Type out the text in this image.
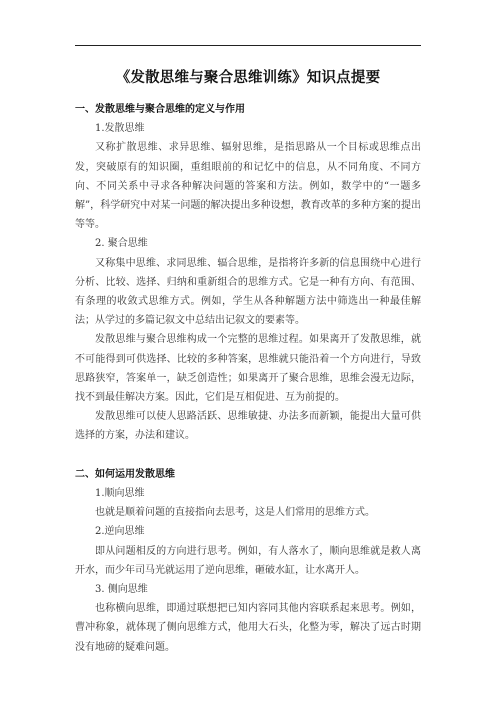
《发散思维与聚合思维训练》知识点提要

一、发散思维与聚合思维的定义与作用

1.发散思维

又称扩散思维、求异思维、辐射思维，是指思路从一个目标或思维点出发，突破原有的知识圈，重组眼前的和记忆中的信息，从不同角度、不同方向、不同关系中寻求各种解决问题的答案和方法。例如，数学中的“一题多解”，科学研究中对某一问题的解决提出多种设想，教育改革的多种方案的提出等等。

2. 聚合思维

又称集中思维、求同思维、辐合思维，是指将许多新的信息围绕中心进行分析、比较、选择、归纳和重新组合的思维方式。它是一种有方向、有范围、有条理的收敛式思维方式。例如，学生从各种解题方法中筛选出一种最佳解法；从学过的多篇记叙文中总结出记叙文的要素等。

发散思维与聚合思维构成一个完整的思维过程。如果离开了发散思维，就不可能得到可供选择、比较的多种答案，思维就只能沿着一个方向进行，导致思路狭窄，答案单一，缺乏创造性；如果离开了聚合思维，思维会漫无边际，找不到最佳解决方案。因此，它们是互相促进、互为前提的。

发散思维可以使人思路活跃、思维敏捷、办法多而新颖，能提出大量可供选择的方案，办法和建议。

二、如何运用发散思维

1.顺向思维

也就是顺着问题的直接指向去思考，这是人们常用的思维方式。

2.逆向思维

即从问题相反的方向进行思考。例如，有人落水了，顺向思维就是救人离开水，而少年司马光就运用了逆向思维，砸破水缸，让水离开人。

3. 侧向思维

也称横向思维，即通过联想把已知内容同其他内容联系起来思考。例如，曹冲称象，就体现了侧向思维方式，他用大石头，化整为零，解决了远古时期没有地磅的疑难问题。
